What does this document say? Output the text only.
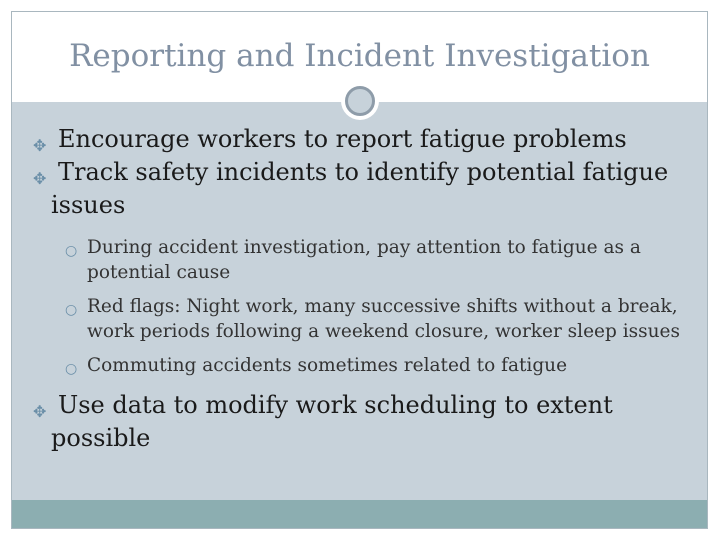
Reporting and Incident Investigation
✥ Encourage workers to report fatigue problems
✥ Track safety incidents to identify potential fatigue
issues
○ During accident investigation, pay attention to fatigue as a
potential cause
○ Red flags: Night work, many successive shifts without a break,
work periods following a weekend closure, worker sleep issues
○ Commuting accidents sometimes related to fatigue
✥ Use data to modify work scheduling to extent
possible
